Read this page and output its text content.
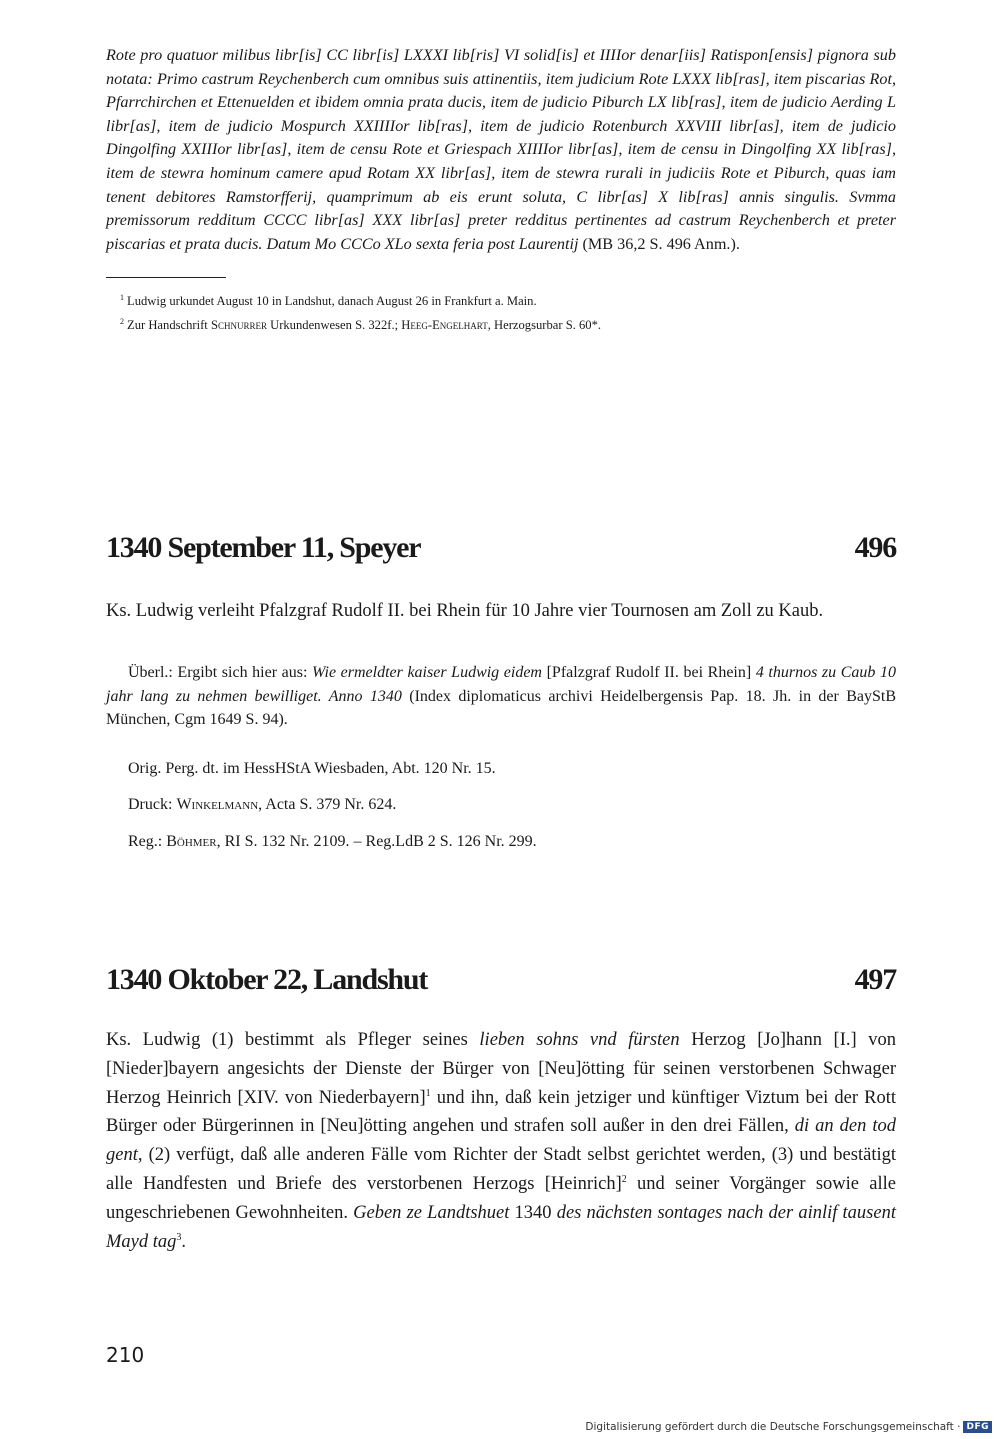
Rote pro quatuor milibus libr[is] CC libr[is] LXXXI lib[ris] VI solid[is] et IIIIor denar[iis] Ratispon[ensis] pignora sub notata: Primo castrum Reychenberch cum omnibus suis attinentiis, item judicium Rote LXXX lib[ras], item piscarias Rot, Pfarrchirchen et Ettenuelden et ibidem omnia prata ducis, item de judicio Piburch LX lib[ras], item de judicio Aerding L libr[as], item de judicio Mospurch XXIIIIor lib[ras], item de judicio Rotenburch XXVIII libr[as], item de judicio Dingolfing XXIIIor libr[as], item de censu Rote et Griespach XIIIIor libr[as], item de censu in Dingolfing XX lib[ras], item de stewra hominum camere apud Rotam XX libr[as], item de stewra rurali in judiciis Rote et Piburch, quas iam tenent debitores Ramstorfferij, quamprimum ab eis erunt soluta, C libr[as] X lib[ras] annis singulis. Svmma premissorum redditum CCCC libr[as] XXX libr[as] preter redditus pertinentes ad castrum Reychenberch et preter piscarias et prata ducis. Datum Mo CCCo XLo sexta feria post Laurentij (MB 36,2 S. 496 Anm.).

$^1$ Ludwig urkundet August 10 in Landshut, danach August 26 in Frankfurt a. Main.

$^2$ Zur Handschrift Schnurrer Urkundenwesen S. 322f.; Heeg-Engelhart, Herzogsurbar S. 60*.

1340 September 11, Speyer	496

Ks. Ludwig verleiht Pfalzgraf Rudolf II. bei Rhein für 10 Jahre vier Tournosen am Zoll zu Kaub.

Überl.: Ergibt sich hier aus: Wie ermeldter kaiser Ludwig eidem [Pfalzgraf Rudolf II. bei Rhein] 4 thurnos zu Caub 10 jahr lang zu nehmen bewilliget. Anno 1340 (Index diplomaticus archivi Heidelbergensis Pap. 18. Jh. in der BayStB München, Cgm 1649 S. 94).

Orig. Perg. dt. im HessHStA Wiesbaden, Abt. 120 Nr. 15.

Druck: Winkelmann, Acta S. 379 Nr. 624.

Reg.: Böhmer, RI S. 132 Nr. 2109. – Reg.LdB 2 S. 126 Nr. 299.

1340 Oktober 22, Landshut	497

Ks. Ludwig (1) bestimmt als Pfleger seines lieben sohns vnd fürsten Herzog [Jo]hann [I.] von [Nieder]bayern angesichts der Dienste der Bürger von [Neu]ötting für seinen verstorbenen Schwager Herzog Heinrich [XIV. von Niederbayern]$^1$ und ihn, daß kein jetziger und künftiger Viztum bei der Rott Bürger oder Bürgerinnen in [Neu]ötting angehen und strafen soll außer in den drei Fällen, di an den tod gent, (2) verfügt, daß alle anderen Fälle vom Richter der Stadt selbst gerichtet werden, (3) und bestätigt alle Handfesten und Briefe des verstorbenen Herzogs [Heinrich]$^2$ und seiner Vorgänger sowie alle ungeschriebenen Gewohnheiten. Geben ze Landtshuet 1340 des nächsten sontages nach der ainlif tausent Mayd tag$^3$.

210
Digitalisierung gefördert durch die Deutsche Forschungsgemeinschaft · DFG
